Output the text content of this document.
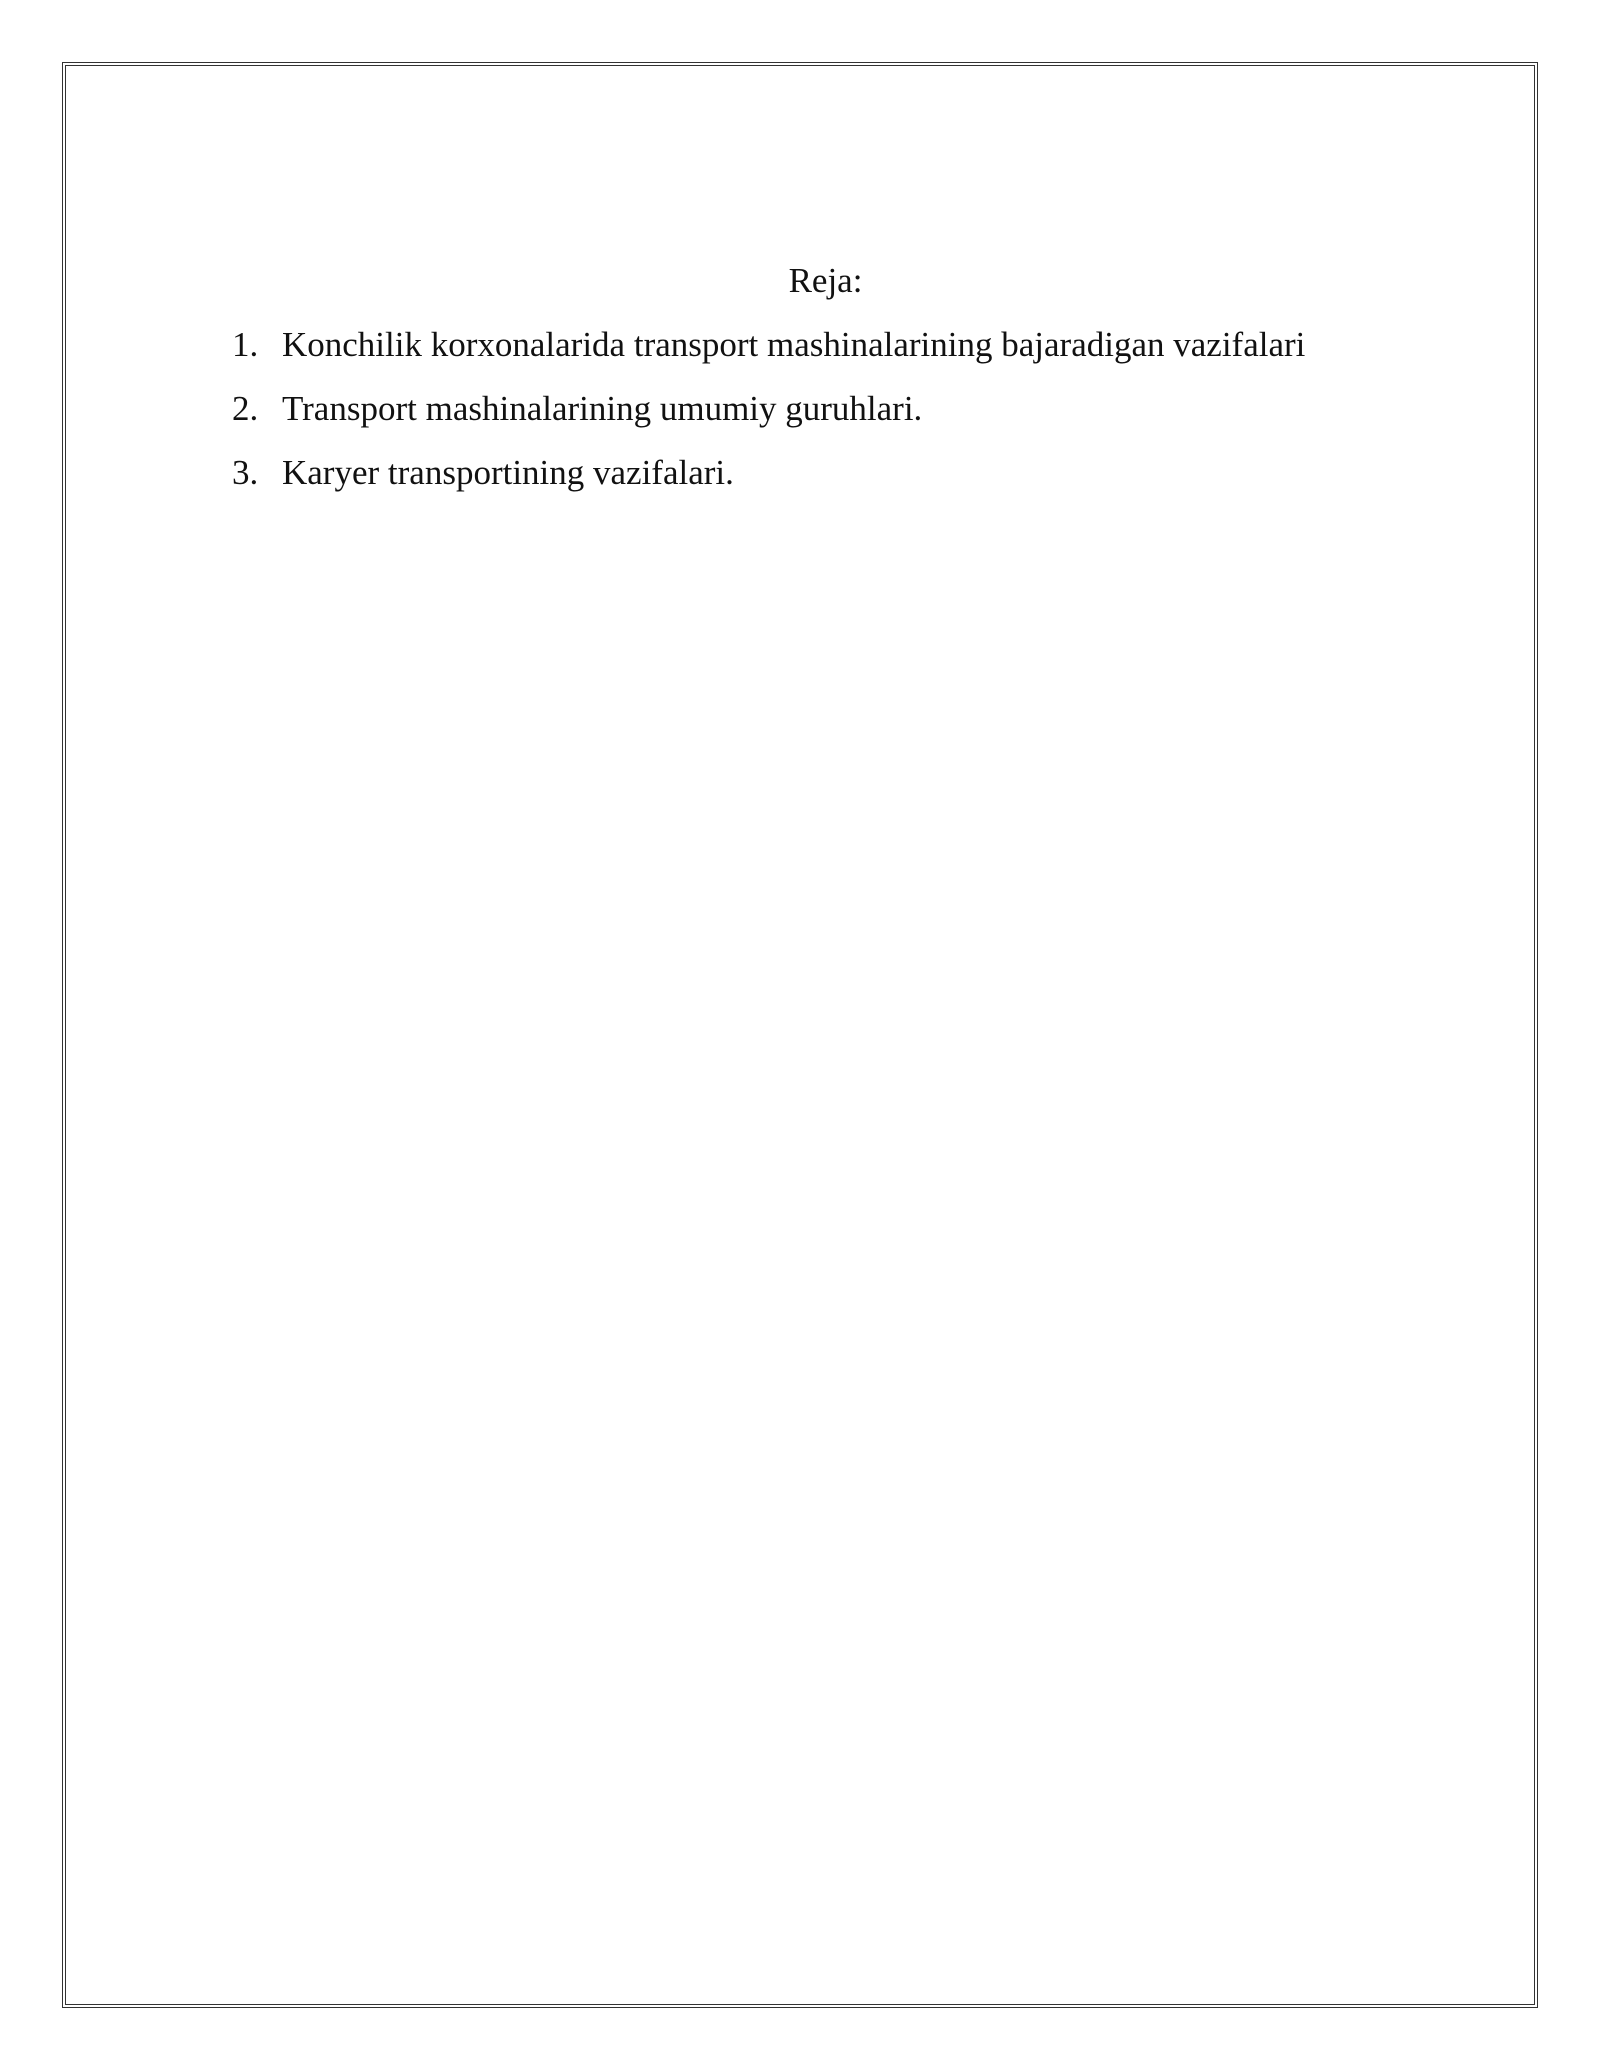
Reja:
1. Konchilik korxonalarida transport mashinalarining bajaradigan vazifalari
2. Transport mashinalarining umumiy guruhlari.
3. Karyer transportining vazifalari.
